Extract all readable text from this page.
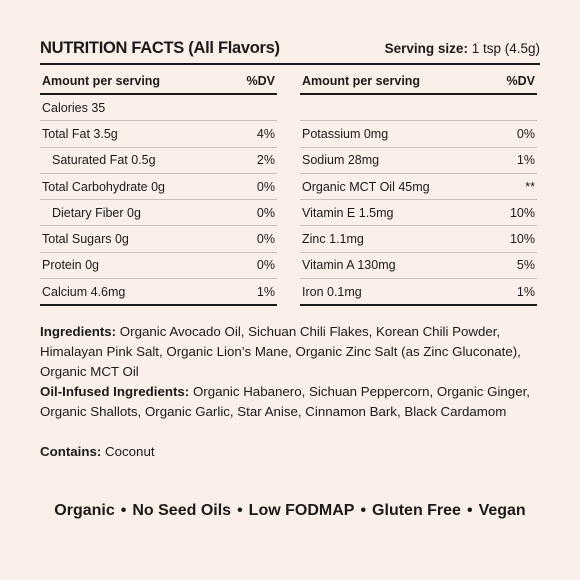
NUTRITION FACTS (All Flavors)	Serving size: 1 tsp (4.5g)
Amount per serving	%DV
Calories 35
Total Fat 3.5g	4%
Saturated Fat 0.5g	2%
Total Carbohydrate 0g	0%
Dietary Fiber 0g	0%
Total Sugars 0g	0%
Protein 0g	0%
Calcium 4.6mg	1%
Amount per serving	%DV
Potassium 0mg	0%
Sodium 28mg	1%
Organic MCT Oil 45mg	**
Vitamin E 1.5mg	10%
Zinc 1.1mg	10%
Vitamin A 130mg	5%
Iron 0.1mg	1%
Ingredients: Organic Avocado Oil, Sichuan Chili Flakes, Korean Chili Powder, Himalayan Pink Salt, Organic Lion’s Mane, Organic Zinc Salt (as Zinc Gluconate), Organic MCT Oil
Oil-Infused Ingredients: Organic Habanero, Sichuan Peppercorn, Organic Ginger, Organic Shallots, Organic Garlic, Star Anise, Cinnamon Bark, Black Cardamom
Contains: Coconut
Organic • No Seed Oils • Low FODMAP • Gluten Free • Vegan
